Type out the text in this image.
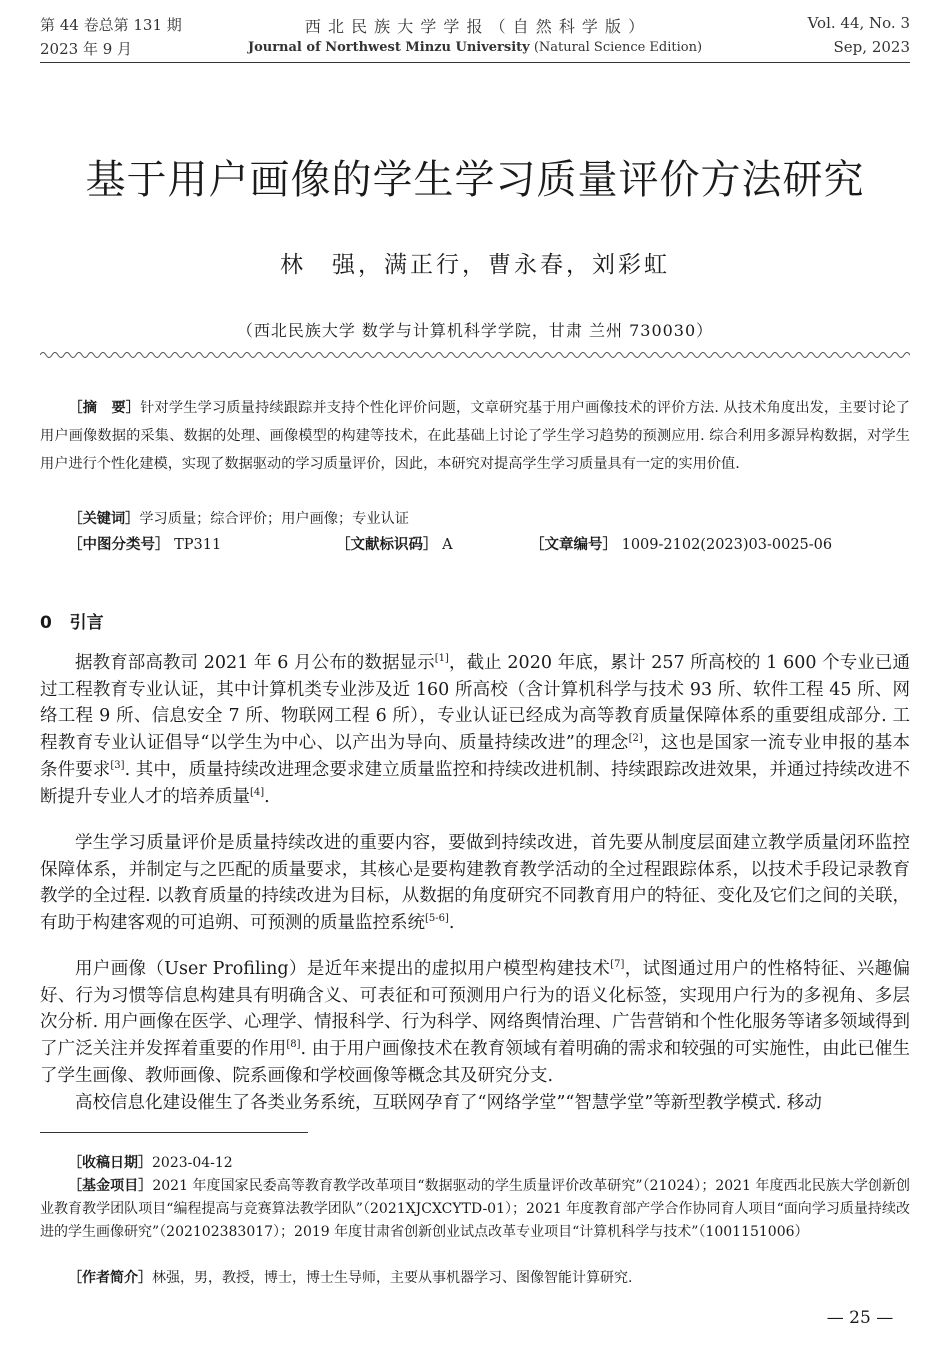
第 44 卷总第 131 期
2023 年 9 月
西 北 民 族 大 学 学 报 （ 自 然 科 学 版 ）
Journal of Northwest Minzu University (Natural Science Edition)
Vol. 44, No. 3
Sep, 2023
基于用户画像的学生学习质量评价方法研究
林　强，满正行，曹永春，刘彩虹
（西北民族大学 数学与计算机科学学院，甘肃 兰州 730030）
［摘　要］针对学生学习质量持续跟踪并支持个性化评价问题，文章研究基于用户画像技术的评价方法. 从技术角度出发，主要讨论了用户画像数据的采集、数据的处理、画像模型的构建等技术，在此基础上讨论了学生学习趋势的预测应用. 综合利用多源异构数据，对学生用户进行个性化建模，实现了数据驱动的学习质量评价，因此，本研究对提高学生学习质量具有一定的实用价值.
［关键词］学习质量；综合评价；用户画像；专业认证
［中图分类号］ TP311	［文献标识码］ A	［文章编号］ 1009-2102(2023)03-0025-06
0 引言
据教育部高教司 2021 年 6 月公布的数据显示[1]，截止 2020 年底，累计 257 所高校的 1 600 个专业已通过工程教育专业认证，其中计算机类专业涉及近 160 所高校（含计算机科学与技术 93 所、软件工程 45 所、网络工程 9 所、信息安全 7 所、物联网工程 6 所），专业认证已经成为高等教育质量保障体系的重要组成部分. 工程教育专业认证倡导“以学生为中心、以产出为导向、质量持续改进”的理念[2]，这也是国家一流专业申报的基本条件要求[3]. 其中，质量持续改进理念要求建立质量监控和持续改进机制、持续跟踪改进效果，并通过持续改进不断提升专业人才的培养质量[4].
学生学习质量评价是质量持续改进的重要内容，要做到持续改进，首先要从制度层面建立教学质量闭环监控保障体系，并制定与之匹配的质量要求，其核心是要构建教育教学活动的全过程跟踪体系，以技术手段记录教育教学的全过程. 以教育质量的持续改进为目标，从数据的角度研究不同教育用户的特征、变化及它们之间的关联，有助于构建客观的可追朔、可预测的质量监控系统[5-6].
用户画像（User Profiling）是近年来提出的虚拟用户模型构建技术[7]，试图通过用户的性格特征、兴趣偏好、行为习惯等信息构建具有明确含义、可表征和可预测用户行为的语义化标签，实现用户行为的多视角、多层次分析. 用户画像在医学、心理学、情报科学、行为科学、网络舆情治理、广告营销和个性化服务等诸多领域得到了广泛关注并发挥着重要的作用[8]. 由于用户画像技术在教育领域有着明确的需求和较强的可实施性，由此已催生了学生画像、教师画像、院系画像和学校画像等概念其及研究分支.
高校信息化建设催生了各类业务系统，互联网孕育了“网络学堂”“智慧学堂”等新型教学模式. 移动
［收稿日期］2023-04-12
［基金项目］2021 年度国家民委高等教育教学改革项目“数据驱动的学生质量评价改革研究”（21024）；2021 年度西北民族大学创新创业教育教学团队项目“编程提高与竞赛算法教学团队”（2021XJCXCYTD-01）；2021 年度教育部产学合作协同育人项目“面向学习质量持续改进的学生画像研究”（202102383017）；2019 年度甘肃省创新创业试点改革专业项目“计算机科学与技术”（1001151006）
［作者简介］林强，男，教授，博士，博士生导师，主要从事机器学习、图像智能计算研究.
— 25 —
